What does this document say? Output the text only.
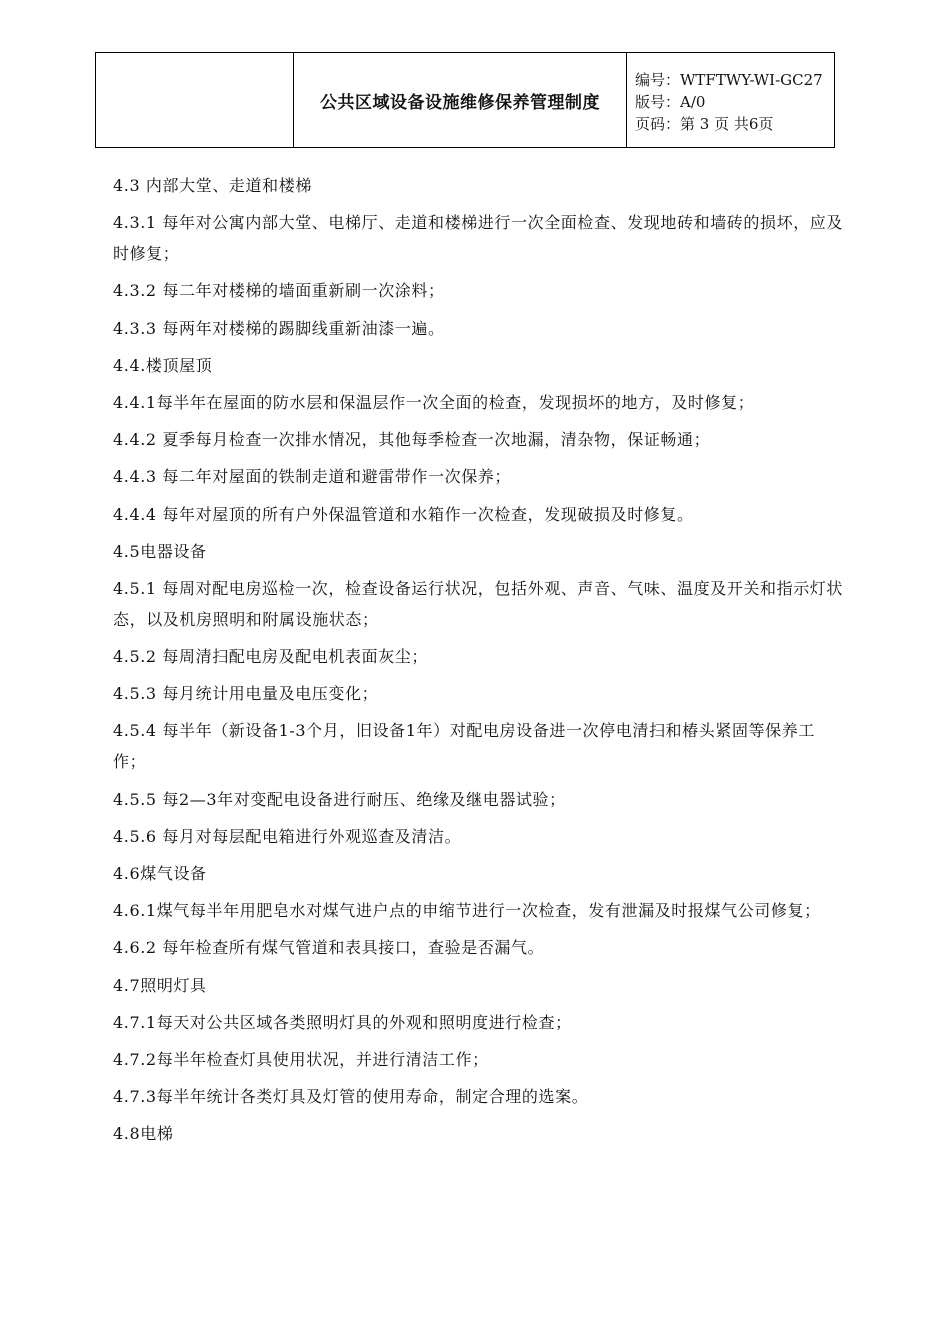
公共区域设备设施维修保养管理制度
编号：WTFTWY-WI-GC27
版号：A/0
页码：第 3 页 共6页

4.3 内部大堂、走道和楼梯

4.3.1 每年对公寓内部大堂、电梯厅、走道和楼梯进行一次全面检查、发现地砖和墙砖的损坏，应及时修复；

4.3.2 每二年对楼梯的墙面重新刷一次涂料；

4.3.3 每两年对楼梯的踢脚线重新油漆一遍。

4.4.楼顶屋顶

4.4.1每半年在屋面的防水层和保温层作一次全面的检查，发现损坏的地方，及时修复；

4.4.2 夏季每月检查一次排水情况，其他每季检查一次地漏，清杂物，保证畅通；

4.4.3 每二年对屋面的铁制走道和避雷带作一次保养；

4.4.4 每年对屋顶的所有户外保温管道和水箱作一次检查，发现破损及时修复。

4.5电器设备

4.5.1 每周对配电房巡检一次，检查设备运行状况，包括外观、声音、气味、温度及开关和指示灯状态，以及机房照明和附属设施状态；

4.5.2 每周清扫配电房及配电机表面灰尘；

4.5.3 每月统计用电量及电压变化；

4.5.4 每半年（新设备1-3个月，旧设备1年）对配电房设备进一次停电清扫和椿头紧固等保养工作；

4.5.5 每2—3年对变配电设备进行耐压、绝缘及继电器试验；

4.5.6 每月对每层配电箱进行外观巡查及清洁。

4.6煤气设备

4.6.1煤气每半年用肥皂水对煤气进户点的申缩节进行一次检查，发有泄漏及时报煤气公司修复；

4.6.2 每年检查所有煤气管道和表具接口，查验是否漏气。

4.7照明灯具

4.7.1每天对公共区域各类照明灯具的外观和照明度进行检查；

4.7.2每半年检查灯具使用状况，并进行清洁工作；

4.7.3每半年统计各类灯具及灯管的使用寿命，制定合理的选案。

4.8电梯
